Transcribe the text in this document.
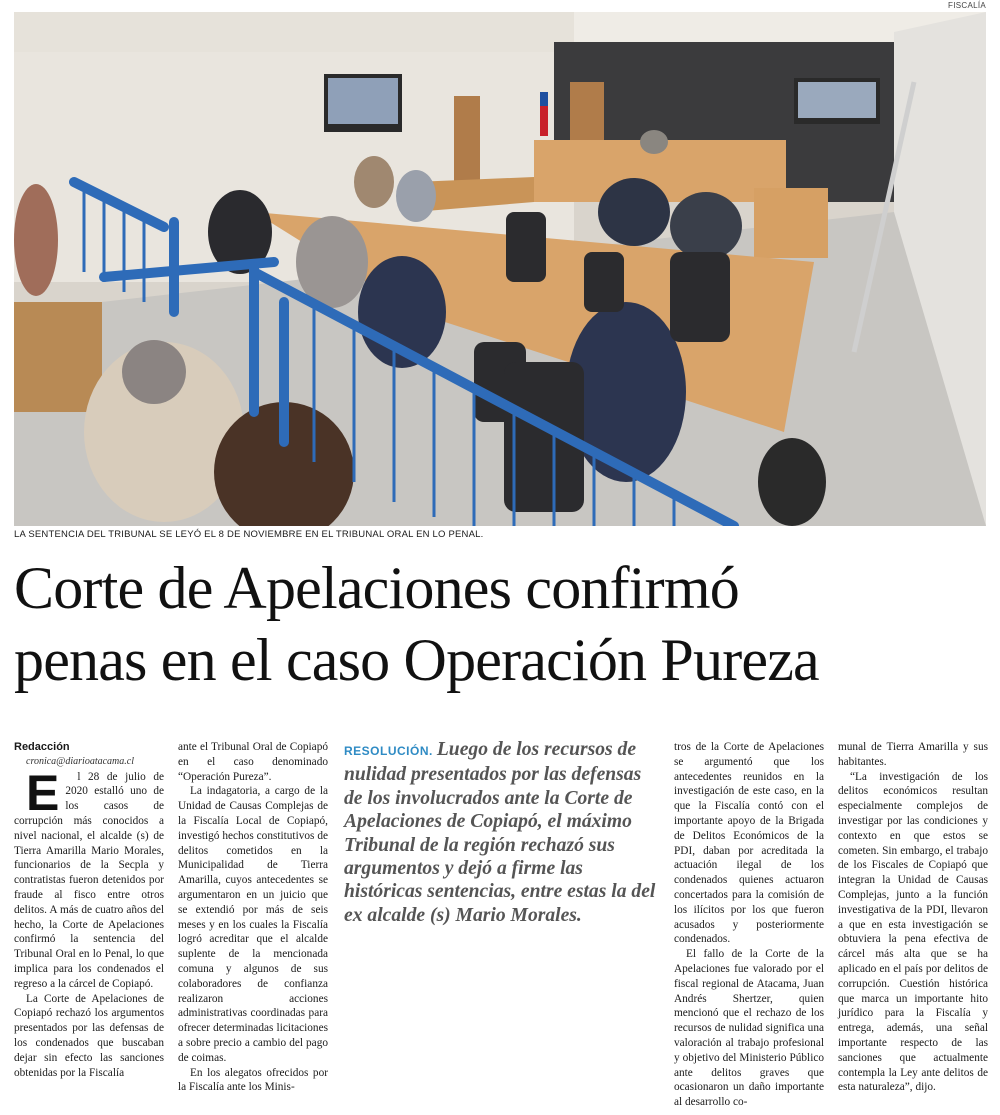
FISCALÍA
LA SENTENCIA DEL TRIBUNAL SE LEYÓ EL 8 DE NOVIEMBRE EN EL TRIBUNAL ORAL EN LO PENAL.
Corte de Apelaciones confirmó
penas en el caso Operación Pureza

Redacción

cronica@diarioatacama.cl

E l 28 de julio de 2020 estalló uno de los casos de corrupción más conocidos a nivel nacional, el alcalde (s) de Tierra Amarilla Mario Morales, funcionarios de la Secpla y contratistas fueron detenidos por fraude al fisco entre otros delitos. A más de cuatro años del hecho, la Corte de Apelaciones confirmó la sentencia del Tribunal Oral en lo Penal, lo que implica para los condenados el regreso a la cárcel de Copiapó.

La Corte de Apelaciones de Copiapó rechazó los argumentos presentados por las defensas de los condenados que buscaban dejar sin efecto las sanciones obtenidas por la Fiscalía

ante el Tribunal Oral de Copiapó en el caso denominado “Operación Pureza”.

La indagatoria, a cargo de la Unidad de Causas Complejas de la Fiscalía Local de Copiapó, investigó hechos constitutivos de delitos cometidos en la Municipalidad de Tierra Amarilla, cuyos antecedentes se argumentaron en un juicio que se extendió por más de seis meses y en los cuales la Fiscalía logró acreditar que el alcalde suplente de la mencionada comuna y algunos de sus colaboradores de confianza realizaron acciones administrativas coordinadas para ofrecer determinadas licitaciones a sobre precio a cambio del pago de coimas.

En los alegatos ofrecidos por la Fiscalía ante los Minis-

RESOLUCIÓN. Luego de los recursos de nulidad presentados por las defensas de los involucrados ante la Corte de Apelaciones de Copiapó, el máximo Tribunal de la región rechazó sus argumentos y dejó a firme las históricas sentencias, entre estas la del ex alcalde (s) Mario Morales.

tros de la Corte de Apelaciones se argumentó que los antecedentes reunidos en la investigación de este caso, en la que la Fiscalía contó con el importante apoyo de la Brigada de Delitos Económicos de la PDI, daban por acreditada la actuación ilegal de los condenados quienes actuaron concertados para la comisión de los ilícitos por los que fueron acusados y posteriormente condenados.

El fallo de la Corte de la Apelaciones fue valorado por el fiscal regional de Atacama, Juan Andrés Shertzer, quien mencionó que el rechazo de los recursos de nulidad significa una valoración al trabajo profesional y objetivo del Ministerio Público ante delitos graves que ocasionaron un daño importante al desarrollo co-

munal de Tierra Amarilla y sus habitantes.

“La investigación de los delitos económicos resultan especialmente complejos de investigar por las condiciones y contexto en que estos se cometen. Sin embargo, el trabajo de los Fiscales de Copiapó que integran la Unidad de Causas Complejas, junto a la función investigativa de la PDI, llevaron a que en esta investigación se obtuviera la pena efectiva de cárcel más alta que se ha aplicado en el país por delitos de corrupción. Cuestión histórica que marca un importante hito jurídico para la Fiscalía y entrega, además, una señal importante respecto de las sanciones que actualmente contempla la Ley ante delitos de esta naturaleza”, dijo.
